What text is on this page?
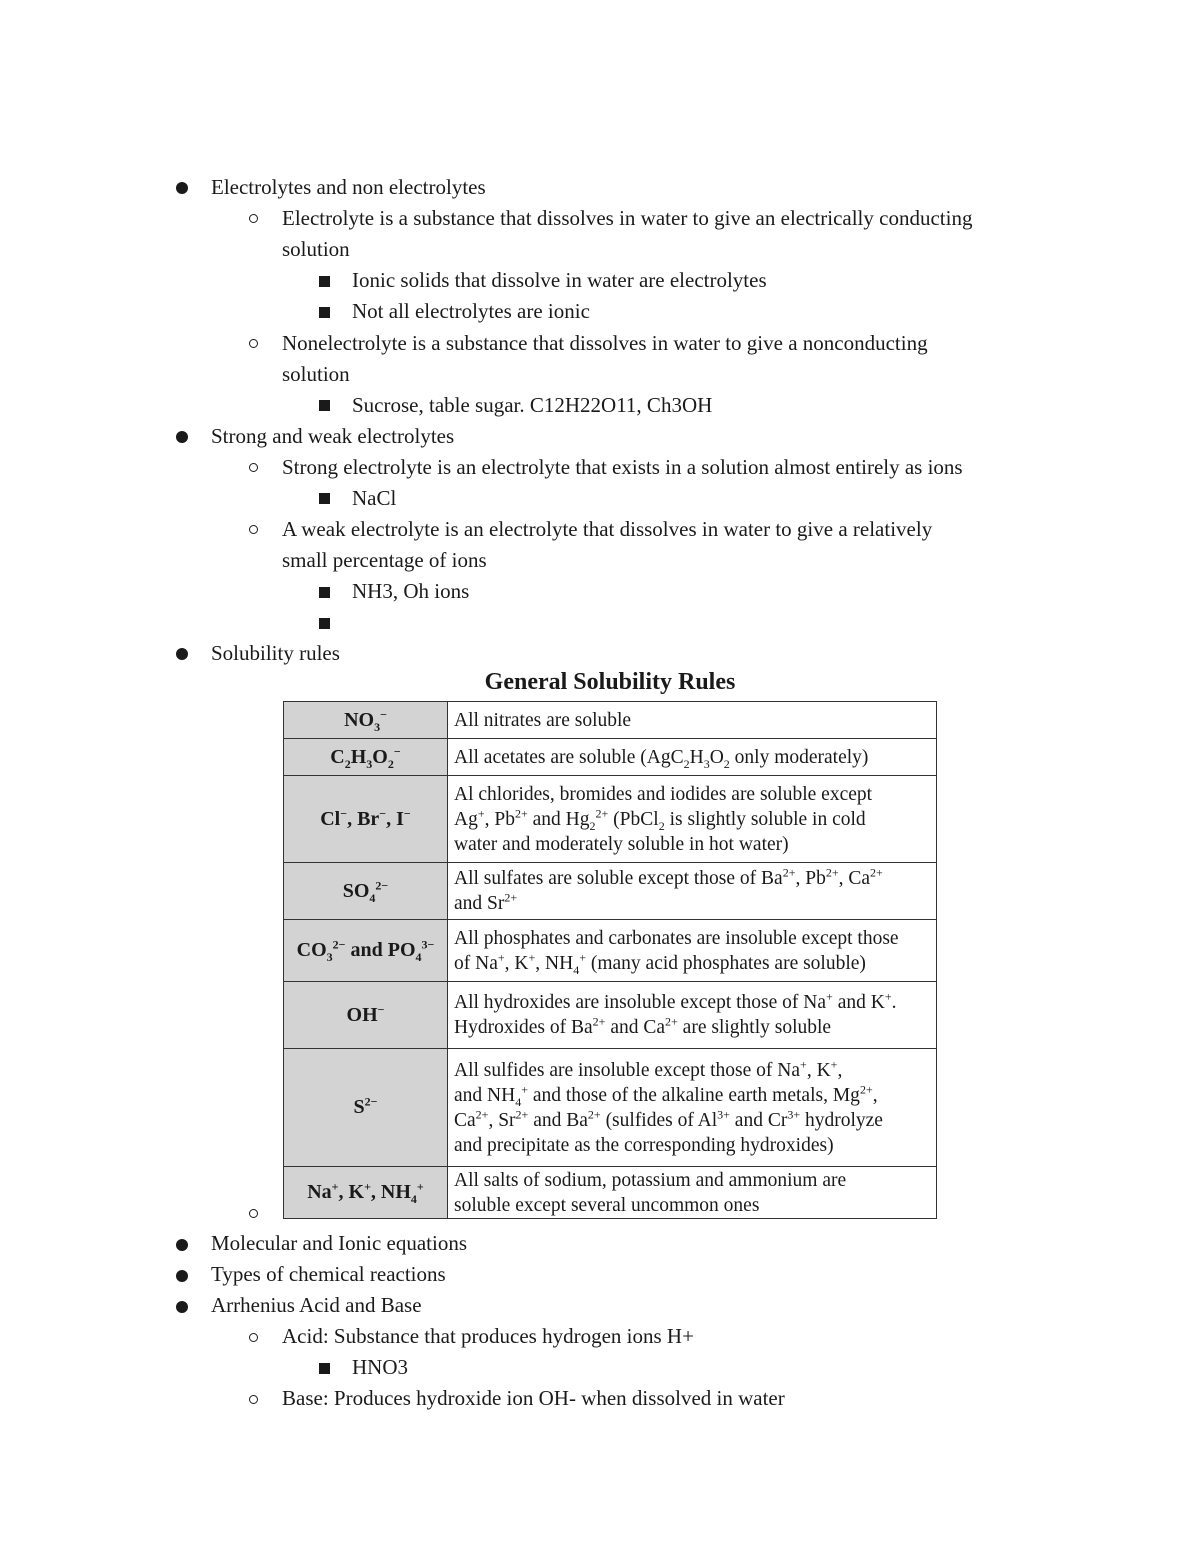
Electrolytes and non electrolytes
Electrolyte is a substance that dissolves in water to give an electrically conducting
solution
Ionic solids that dissolve in water are electrolytes
Not all electrolytes are ionic
Nonelectrolyte is a substance that dissolves in water to give a nonconducting
solution
Sucrose, table sugar. C12H22O11, Ch3OH
Strong and weak electrolytes
Strong electrolyte is an electrolyte that exists in a solution almost entirely as ions
NaCl
A weak electrolyte is an electrolyte that dissolves in water to give a relatively
small percentage of ions
NH3, Oh ions
Solubility rules
General Solubility Rules
$NO_3^-$	All nitrates are soluble

$C_2H_3O_2^-$	All acetates are soluble ($AgC_2H_3O_2$ only moderately)

Cl−, Br−, I−	Al chlorides, bromides and iodides are soluble except
Ag+, $Pb^{2+}$ and $Hg_2^{2+}$ (PbCl$_2$ is slightly soluble in cold
water and moderately soluble in hot water)

$SO_4^{2-}$	All sulfates are soluble except those of $Ba^{2+}$, $Pb^{2+}$, $Ca^{2+}$
and $Sr^{2+}$

$CO_3^{2-}$ and $PO_4^{3-}$	All phosphates and carbonates are insoluble except those
of Na+, K+, $NH_4^+$ (many acid phosphates are soluble)

OH−	All hydroxides are insoluble except those of Na+ and K+.
Hydroxides of $Ba^{2+}$ and $Ca^{2+}$ are slightly soluble

$S^{2-}$	All sulfides are insoluble except those of Na+, K+,
and $NH_4^+$ and those of the alkaline earth metals, $Mg^{2+}$,
$Ca^{2+}$, $Sr^{2+}$ and $Ba^{2+}$ (sulfides of $Al^{3+}$ and $Cr^{3+}$ hydrolyze
and precipitate as the corresponding hydroxides)

Na+, K+, $NH_4^+$	All salts of sodium, potassium and ammonium are
soluble except several uncommon ones
Molecular and Ionic equations
Types of chemical reactions
Arrhenius Acid and Base
Acid: Substance that produces hydrogen ions H+
HNO3
Base: Produces hydroxide ion OH- when dissolved in water
